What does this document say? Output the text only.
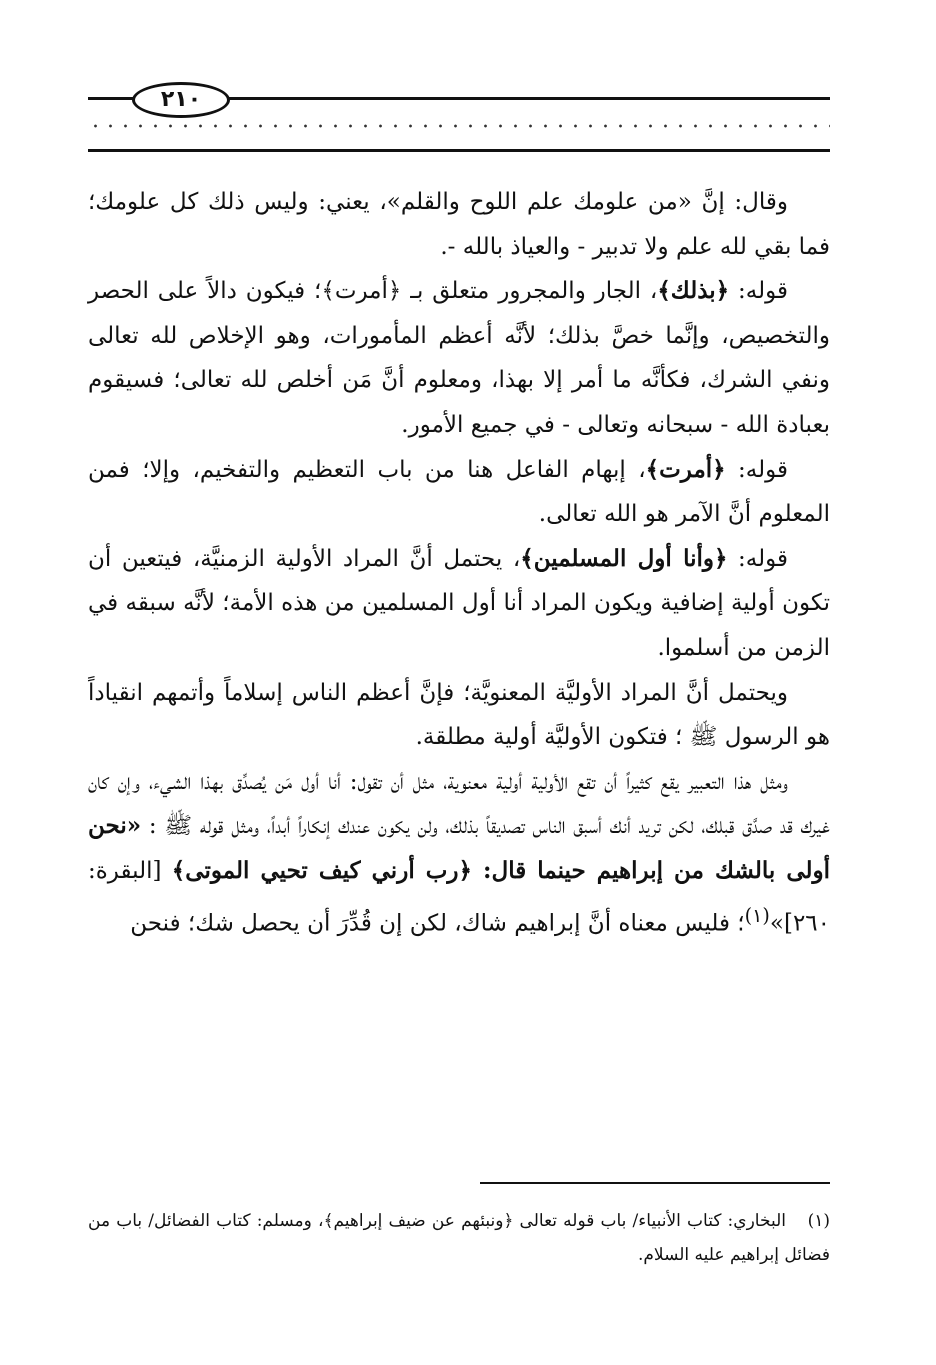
٢١٠

وقال: إنَّ «من علومك علم اللوح والقلم»، يعني: وليس ذلك كل علومك؛ فما بقي لله علم ولا تدبير - والعياذ بالله -.

قوله: ﴿بذلك﴾، الجار والمجرور متعلق بـ ﴿أمرت﴾؛ فيكون دالاً على الحصر والتخصيص، وإنَّما خصَّ بذلك؛ لأنَّه أعظم المأمورات، وهو الإخلاص لله تعالى ونفي الشرك، فكأنَّه ما أمر إلا بهذا، ومعلوم أنَّ مَن أخلص لله تعالى؛ فسيقوم بعبادة الله - سبحانه وتعالى - في جميع الأمور.

قوله: ﴿أمرت﴾، إبهام الفاعل هنا من باب التعظيم والتفخيم، وإلا؛ فمن المعلوم أنَّ الآمر هو الله تعالى.

قوله: ﴿وأنا أول المسلمين﴾، يحتمل أنَّ المراد الأولية الزمنيَّة، فيتعين أن تكون أولية إضافية ويكون المراد أنا أول المسلمين من هذه الأمة؛ لأنَّه سبقه في الزمن من أسلموا.

ويحتمل أنَّ المراد الأوليَّة المعنويَّة؛ فإنَّ أعظم الناس إسلاماً وأتمهم انقياداً هو الرسول ﷺ ؛ فتكون الأوليَّة أولية مطلقة.

ومثل هذا التعبير يقع كثيراً أن تقع الأولية أولية معنوية، مثل أن تقول: أنا أول مَن يُصدِّق بهذا الشيء، وإن كان غيرك قد صدَّق قبلك، لكن تريد أنك أسبق الناس تصديقاً بذلك، ولن يكون عندك إنكاراً أبداً، ومثل قوله ﷺ : «نحن أولى بالشك من إبراهيم حينما قال: ﴿رب أرني كيف تحيي الموتى﴾ [البقرة: ٢٦٠]»$^{(١)}$؛ فليس معناه أنَّ إبراهيم شاك، لكن إن قُدِّرَ أن يحصل شك؛ فنحن

(١)البخاري: كتاب الأنبياء/ باب قوله تعالى ﴿ونبئهم عن ضيف إبراهيم﴾، ومسلم: كتاب الفضائل/ باب من فضائل إبراهيم عليه السلام.
